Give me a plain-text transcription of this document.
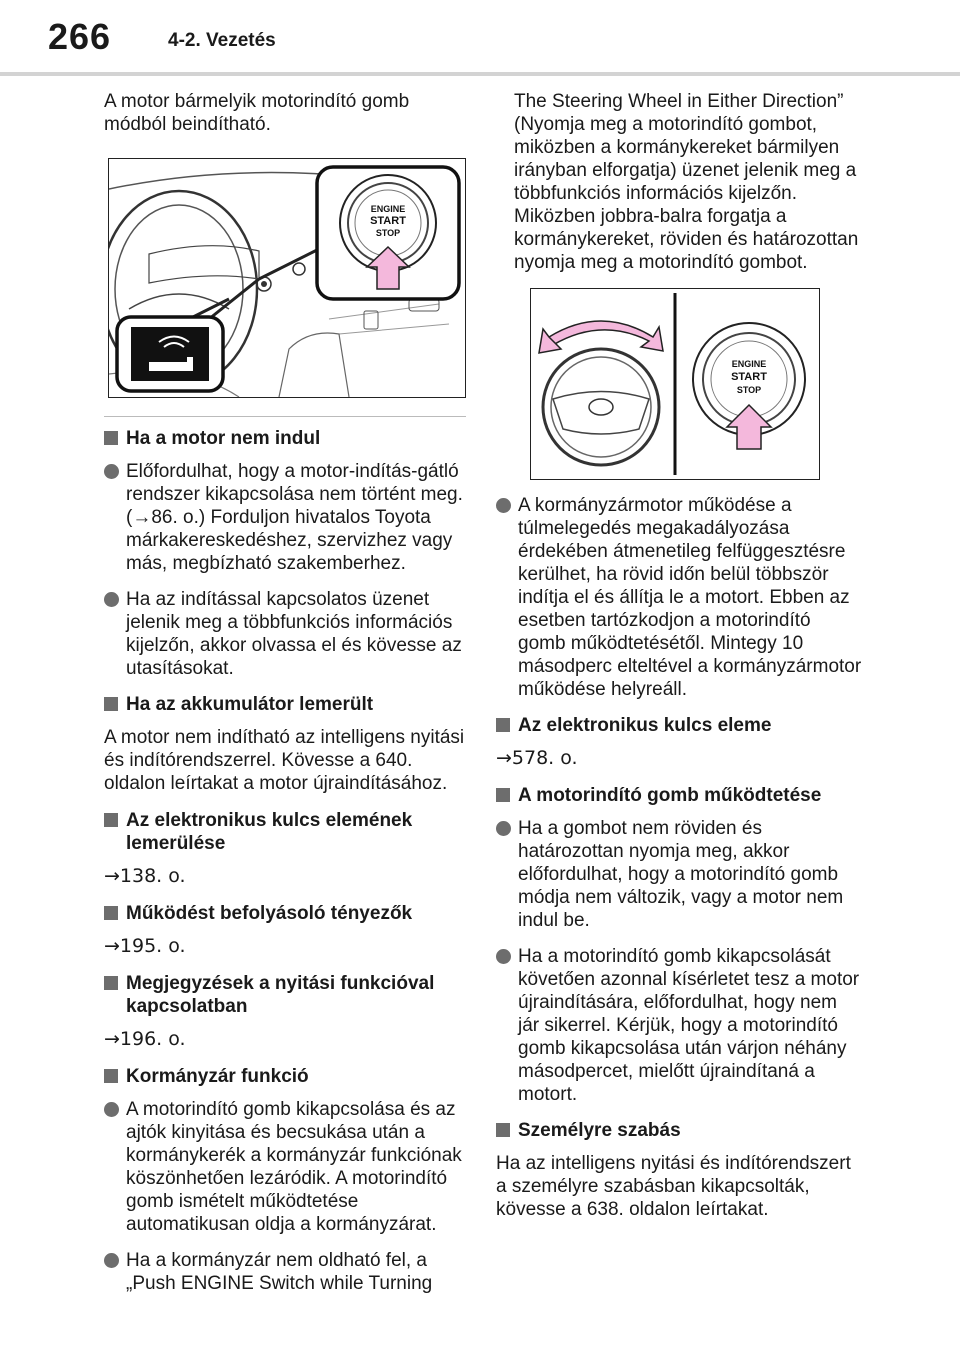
266	4-2. Vezetés

A motor bármelyik motorindító gomb módból beindítható.

ENGINE
START
STOP
Ha a motor nem indul
Előfordulhat, hogy a motor-indítás-gátló rendszer kikapcsolása nem történt meg. (→86. o.) Forduljon hivatalos Toyota márkakereskedéshez, szervizhez vagy más, megbízható szakemberhez.
Ha az indítással kapcsolatos üzenet jelenik meg a többfunkciós információs kijelzőn, akkor olvassa el és kövesse az utasításokat.
Ha az akkumulátor lemerült

A motor nem indítható az intelligens nyitási és indítórendszerrel. Kövesse a 640. oldalon leírtakat a motor újraindításához.

Az elektronikus kulcs elemének lemerülése

→138. o.

Működést befolyásoló tényezők

→195. o.

Megjegyzések a nyitási funkcióval kapcsolatban

→196. o.

Kormányzár funkció
A motorindító gomb kikapcsolása és az ajtók kinyitása és becsukása után a kormánykerék a kormányzár funkciónak köszönhetően lezáródik. A motorindító gomb ismételt működtetése automatikusan oldja a kormányzárat.
Ha a kormányzár nem oldható fel, a „Push ENGINE Switch while Turning

The Steering Wheel in Either Direction” (Nyomja meg a motorindító gombot, miközben a kormánykereket bármilyen irányban elforgatja) üzenet jelenik meg a többfunkciós információs kijelzőn. Miközben jobbra-balra forgatja a kormánykereket, röviden és határozottan nyomja meg a motorindító gombot.

ENGINE
START
STOP
A kormányzármotor működése a túlmelegedés megakadályozása érdekében átmenetileg felfüggesztésre kerülhet, ha rövid időn belül többször indítja el és állítja le a motort. Ebben az esetben tartózkodjon a motorindító gomb működtetésétől. Mintegy 10 másodperc elteltével a kormányzármotor működése helyreáll.
Az elektronikus kulcs eleme

→578. o.

A motorindító gomb működtetése
Ha a gombot nem röviden és határozottan nyomja meg, akkor előfordulhat, hogy a motorindító gomb módja nem változik, vagy a motor nem indul be.
Ha a motorindító gomb kikapcsolását követően azonnal kísérletet tesz a motor újraindítására, előfordulhat, hogy nem jár sikerrel. Kérjük, hogy a motorindító gomb kikapcsolása után várjon néhány másodpercet, mielőtt újraindítaná a motort.
Személyre szabás

Ha az intelligens nyitási és indítórendszert a személyre szabásban kikapcsolták, kövesse a 638. oldalon leírtakat.
